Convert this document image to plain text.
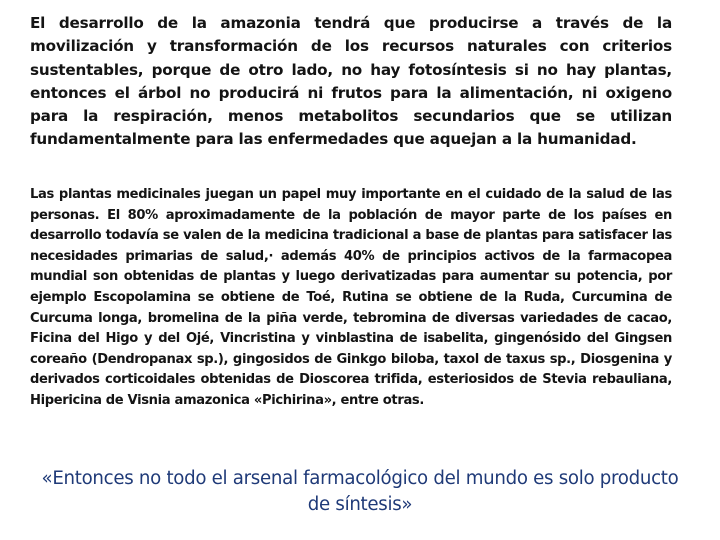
El desarrollo de la amazonia tendrá que producirse a través de la movilización y transformación de los recursos naturales con criterios sustentables, porque de otro lado, no hay fotosíntesis si no hay plantas, entonces el árbol no producirá ni frutos para la alimentación, ni oxigeno para la respiración, menos metabolitos secundarios que se utilizan fundamentalmente para las enfermedades que aquejan a la humanidad.

Las plantas medicinales juegan un papel muy importante en el cuidado de la salud de las personas. El 80% aproximadamente de la población de mayor parte de los países en desarrollo todavía se valen de la medicina tradicional a base de plantas para satisfacer las necesidades primarias de salud,· además 40% de principios activos de la farmacopea mundial son obtenidas de plantas y luego derivatizadas para aumentar su potencia, por ejemplo Escopolamina se obtiene de Toé, Rutina se obtiene de la Ruda, Curcumina de Curcuma longa, bromelina de la piña verde, tebromina de diversas variedades de cacao, Ficina del Higo y del Ojé, Vincristina y vinblastina de isabelita, gingenósido del Gingsen coreaño (Dendropanax sp.), gingosidos de Ginkgo biloba, taxol de taxus sp., Diosgenina y derivados corticoidales obtenidas de Dioscorea trifida, esteriosidos de Stevia rebauliana, Hipericina de Visnia amazonica «Pichirina», entre otras.

«Entonces no todo el arsenal farmacológico del mundo es solo producto de síntesis»
